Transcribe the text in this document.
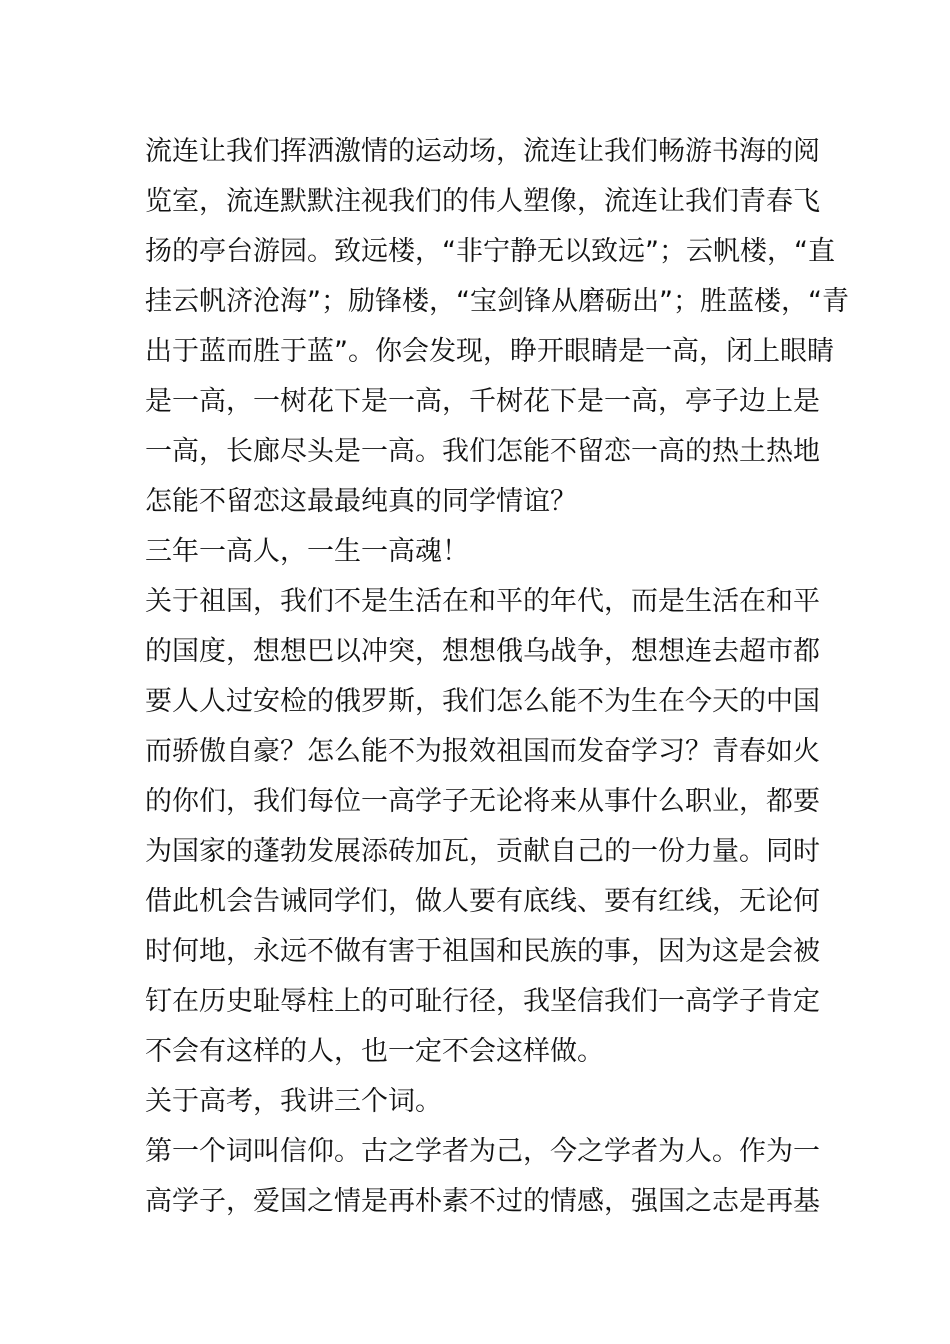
流连让我们挥洒激情的运动场，流连让我们畅游书海的阅
览室，流连默默注视我们的伟人塑像，流连让我们青春飞
扬的亭台游园。致远楼，“非宁静无以致远”；云帆楼，“直
挂云帆济沧海”；励锋楼，“宝剑锋从磨砺出”；胜蓝楼，“青
出于蓝而胜于蓝”。你会发现，睁开眼睛是一高，闭上眼睛
是一高，一树花下是一高，千树花下是一高，亭子边上是
一高，长廊尽头是一高。我们怎能不留恋一高的热土热地
怎能不留恋这最最纯真的同学情谊？
三年一高人，一生一高魂！
关于祖国，我们不是生活在和平的年代，而是生活在和平
的国度，想想巴以冲突，想想俄乌战争，想想连去超市都
要人人过安检的俄罗斯，我们怎么能不为生在今天的中国
而骄傲自豪？怎么能不为报效祖国而发奋学习？青春如火
的你们，我们每位一高学子无论将来从事什么职业，都要
为国家的蓬勃发展添砖加瓦，贡献自己的一份力量。同时
借此机会告诫同学们，做人要有底线、要有红线，无论何
时何地，永远不做有害于祖国和民族的事，因为这是会被
钉在历史耻辱柱上的可耻行径，我坚信我们一高学子肯定
不会有这样的人，也一定不会这样做。
关于高考，我讲三个词。
第一个词叫信仰。古之学者为己，今之学者为人。作为一
高学子，爱国之情是再朴素不过的情感，强国之志是再基
